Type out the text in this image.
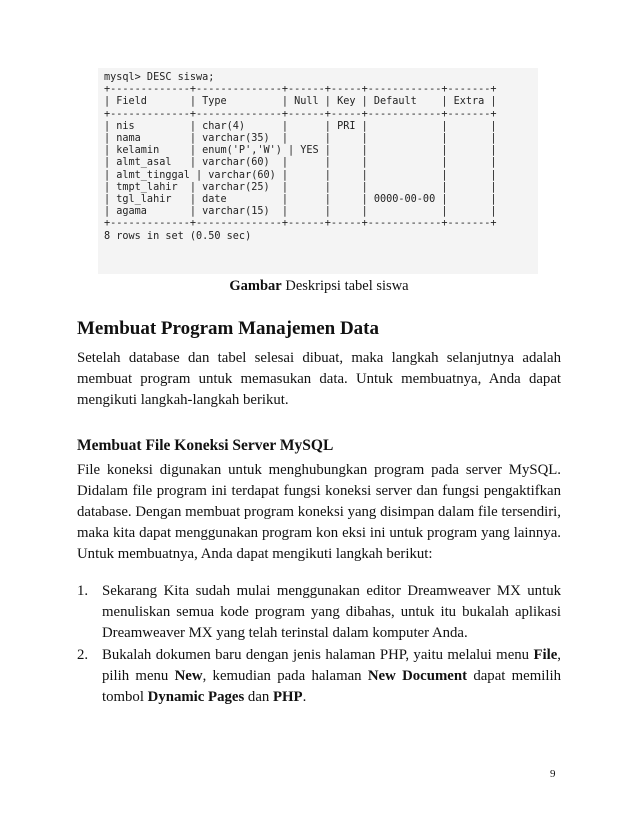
mysql> DESC siswa;
+-------------+--------------+------+-----+------------+-------+
| Field       | Type         | Null | Key | Default    | Extra |
+-------------+--------------+------+-----+------------+-------+
| nis         | char(4)      |      | PRI |            |       |
| nama        | varchar(35)  |      |     |            |       |
| kelamin     | enum('P','W') | YES |     |            |       |
| almt_asal   | varchar(60)  |      |     |            |       |
| almt_tinggal | varchar(60) |      |     |            |       |
| tmpt_lahir  | varchar(25)  |      |     |            |       |
| tgl_lahir   | date         |      |     | 0000-00-00 |       |
| agama       | varchar(15)  |      |     |            |       |
+-------------+--------------+------+-----+------------+-------+
8 rows in set (0.50 sec)
Gambar Deskripsi tabel siswa
Membuat Program Manajemen Data

Setelah database dan tabel selesai dibuat, maka langkah selanjutnya adalah membuat program untuk memasukan data. Untuk membuatnya, Anda dapat mengikuti langkah-langkah berikut.

Membuat File Koneksi Server MySQL

File koneksi digunakan untuk menghubungkan program pada server MySQL. Didalam file program ini terdapat fungsi koneksi server dan fungsi pengaktifkan database. Dengan membuat program koneksi yang disimpan dalam file tersendiri, maka kita dapat menggunakan program kon eksi ini untuk program yang lainnya. Untuk membuatnya, Anda dapat mengikuti langkah berikut:

1. Sekarang Kita sudah mulai menggunakan editor Dreamweaver MX untuk menuliskan semua kode program yang dibahas, untuk itu bukalah aplikasi Dreamweaver MX yang telah terinstal dalam komputer Anda.
2. Bukalah dokumen baru dengan jenis halaman PHP, yaitu melalui menu File, pilih menu New, kemudian pada halaman New Document dapat memilih tombol Dynamic Pages dan PHP.
9
